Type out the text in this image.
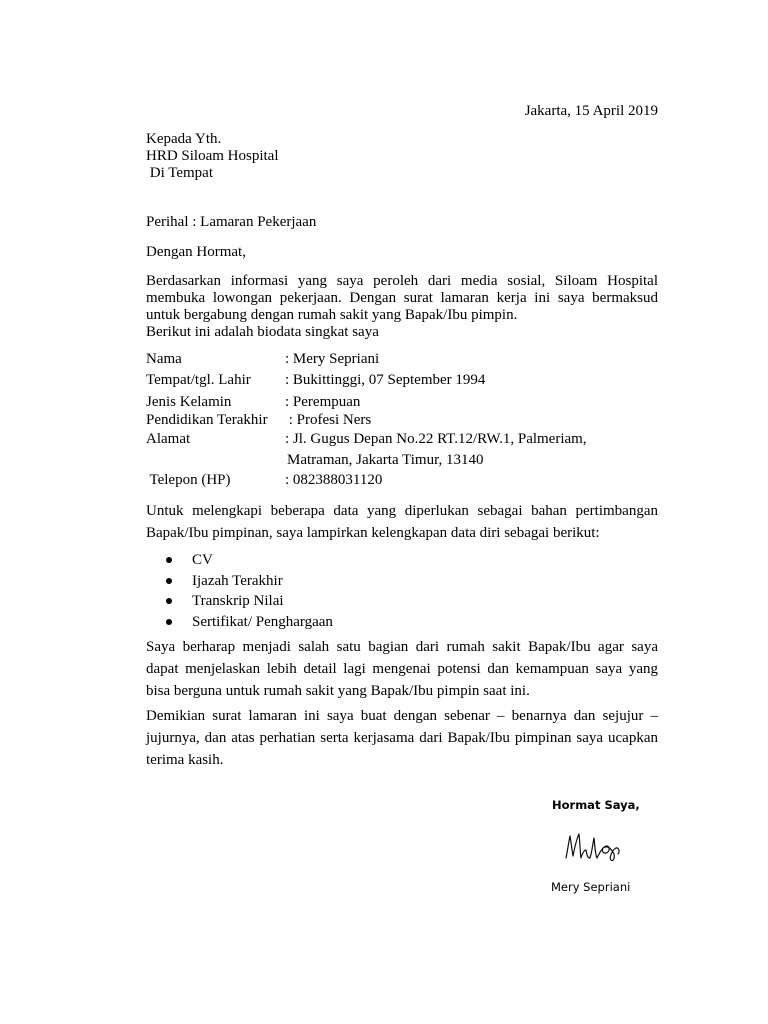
Jakarta, 15 April 2019
Kepada Yth.
HRD Siloam Hospital
Di Tempat
Perihal : Lamaran Pekerjaan
Dengan Hormat,
Berdasarkan informasi yang saya peroleh dari media sosial, Siloam Hospital
membuka lowongan pekerjaan. Dengan surat lamaran kerja ini saya bermaksud
untuk bergabung dengan rumah sakit yang Bapak/Ibu pimpin.
Berikut ini adalah biodata singkat saya
Nama	: Mery Sepriani
Tempat/tgl. Lahir : Bukittinggi, 07 September 1994
Jenis Kelamin	: Perempuan
Pendidikan Terakhir : Profesi Ners
Alamat	: Jl. Gugus Depan No.22 RT.12/RW.1, Palmeriam,
Matraman, Jakarta Timur, 13140
Telepon (HP)	: 082388031120
Untuk melengkapi beberapa data yang diperlukan sebagai bahan pertimbangan
Bapak/Ibu pimpinan, saya lampirkan kelengkapan data diri sebagai berikut:
CV
Ijazah Terakhir
Transkrip Nilai
Sertifikat/ Penghargaan
Saya berharap menjadi salah satu bagian dari rumah sakit Bapak/Ibu agar saya
dapat menjelaskan lebih detail lagi mengenai potensi dan kemampuan saya yang
bisa berguna untuk rumah sakit yang Bapak/Ibu pimpin saat ini.
Demikian surat lamaran ini saya buat dengan sebenar – benarnya dan sejujur –
jujurnya, dan atas perhatian serta kerjasama dari Bapak/Ibu pimpinan saya ucapkan
terima kasih.
Hormat Saya,
Mery Sepriani
